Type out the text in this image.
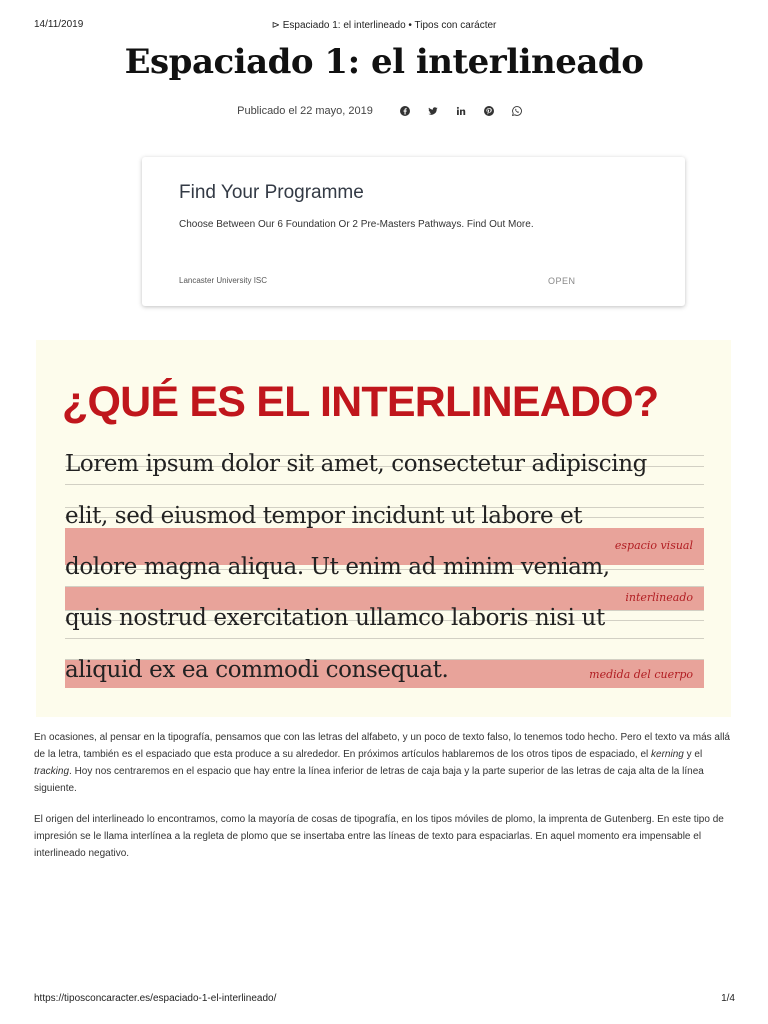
14/11/2019	⊳ Espaciado 1: el interlineado • Tipos con carácter
Espaciado 1: el interlineado
Publicado el 22 mayo, 2019
Find Your Programme
Choose Between Our 6 Foundation Or 2 Pre-Masters Pathways. Find Out More.
Lancaster University ISC	OPEN
¿QUÉ ES EL INTERLINEADO?
Lorem ipsum dolor sit amet, consectetur adipiscing
elit, sed eiusmod tempor incidunt ut labore et
dolore magna aliqua. Ut enim ad minim veniam,
quis nostrud exercitation ullamco laboris nisi ut
aliquid ex ea commodi consequat.
espacio visual
interlineado
medida del cuerpo

En ocasiones, al pensar en la tipografía, pensamos que con las letras del alfabeto, y un poco de texto falso, lo tenemos todo hecho. Pero el texto va más allá de la letra, también es el espaciado que esta produce a su alrededor. En próximos artículos hablaremos de los otros tipos de espaciado, el kerning y el tracking. Hoy nos centraremos en el espacio que hay entre la línea inferior de letras de caja baja y la parte superior de las letras de caja alta de la línea siguiente.

El origen del interlineado lo encontramos, como la mayoría de cosas de tipografía, en los tipos móviles de plomo, la imprenta de Gutenberg. En este tipo de impresión se le llama interlínea a la regleta de plomo que se insertaba entre las líneas de texto para espaciarlas. En aquel momento era impensable el interlineado negativo.

https://tiposconcaracter.es/espaciado-1-el-interlineado/	1/4
